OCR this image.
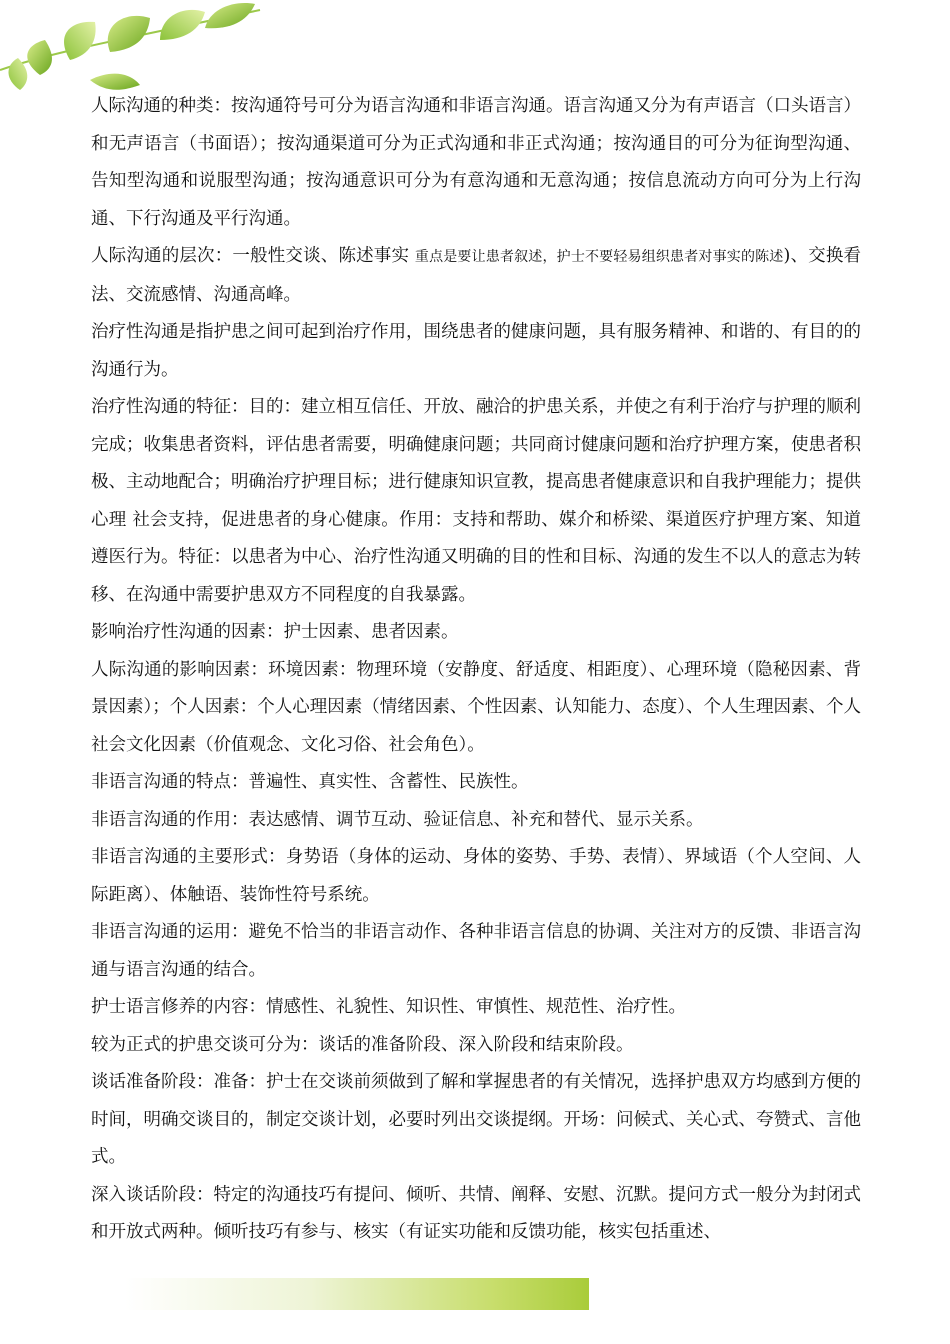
人际沟通的种类：按沟通符号可分为语言沟通和非语言沟通。语言沟通又分为有声语言（口头语言）和无声语言（书面语）；按沟通渠道可分为正式沟通和非正式沟通；按沟通目的可分为征询型沟通、告知型沟通和说服型沟通；按沟通意识可分为有意沟通和无意沟通；按信息流动方向可分为上行沟通、下行沟通及平行沟通。

人际沟通的层次：一般性交谈、陈述事实 重点是要让患者叙述，护士不要轻易组织患者对事实的陈述)、交换看法、交流感情、沟通高峰。

治疗性沟通是指护患之间可起到治疗作用，围绕患者的健康问题，具有服务精神、和谐的、有目的的沟通行为。

治疗性沟通的特征：目的：建立相互信任、开放、融洽的护患关系，并使之有利于治疗与护理的顺利完成；收集患者资料，评估患者需要，明确健康问题；共同商讨健康问题和治疗护理方案，使患者积极、主动地配合；明确治疗护理目标；进行健康知识宣教，提高患者健康意识和自我护理能力；提供心理 社会支持，促进患者的身心健康。作用：支持和帮助、媒介和桥梁、渠道医疗护理方案、知道遵医行为。特征：以患者为中心、治疗性沟通又明确的目的性和目标、沟通的发生不以人的意志为转移、在沟通中需要护患双方不同程度的自我暴露。

影响治疗性沟通的因素：护士因素、患者因素。

人际沟通的影响因素：环境因素：物理环境（安静度、舒适度、相距度）、心理环境（隐秘因素、背景因素）；个人因素：个人心理因素（情绪因素、个性因素、认知能力、态度）、个人生理因素、个人社会文化因素（价值观念、文化习俗、社会角色）。

非语言沟通的特点：普遍性、真实性、含蓄性、民族性。

非语言沟通的作用：表达感情、调节互动、验证信息、补充和替代、显示关系。

非语言沟通的主要形式：身势语（身体的运动、身体的姿势、手势、表情）、界域语（个人空间、人际距离）、体触语、装饰性符号系统。

非语言沟通的运用：避免不恰当的非语言动作、各种非语言信息的协调、关注对方的反馈、非语言沟通与语言沟通的结合。

护士语言修养的内容：情感性、礼貌性、知识性、审慎性、规范性、治疗性。

较为正式的护患交谈可分为：谈话的准备阶段、深入阶段和结束阶段。

谈话准备阶段：准备：护士在交谈前须做到了解和掌握患者的有关情况，选择护患双方均感到方便的时间，明确交谈目的，制定交谈计划，必要时列出交谈提纲。开场：问候式、关心式、夸赞式、言他式。

深入谈话阶段：特定的沟通技巧有提问、倾听、共情、阐释、安慰、沉默。提问方式一般分为封闭式和开放式两种。倾听技巧有参与、核实（有证实功能和反馈功能，核实包括重述、
